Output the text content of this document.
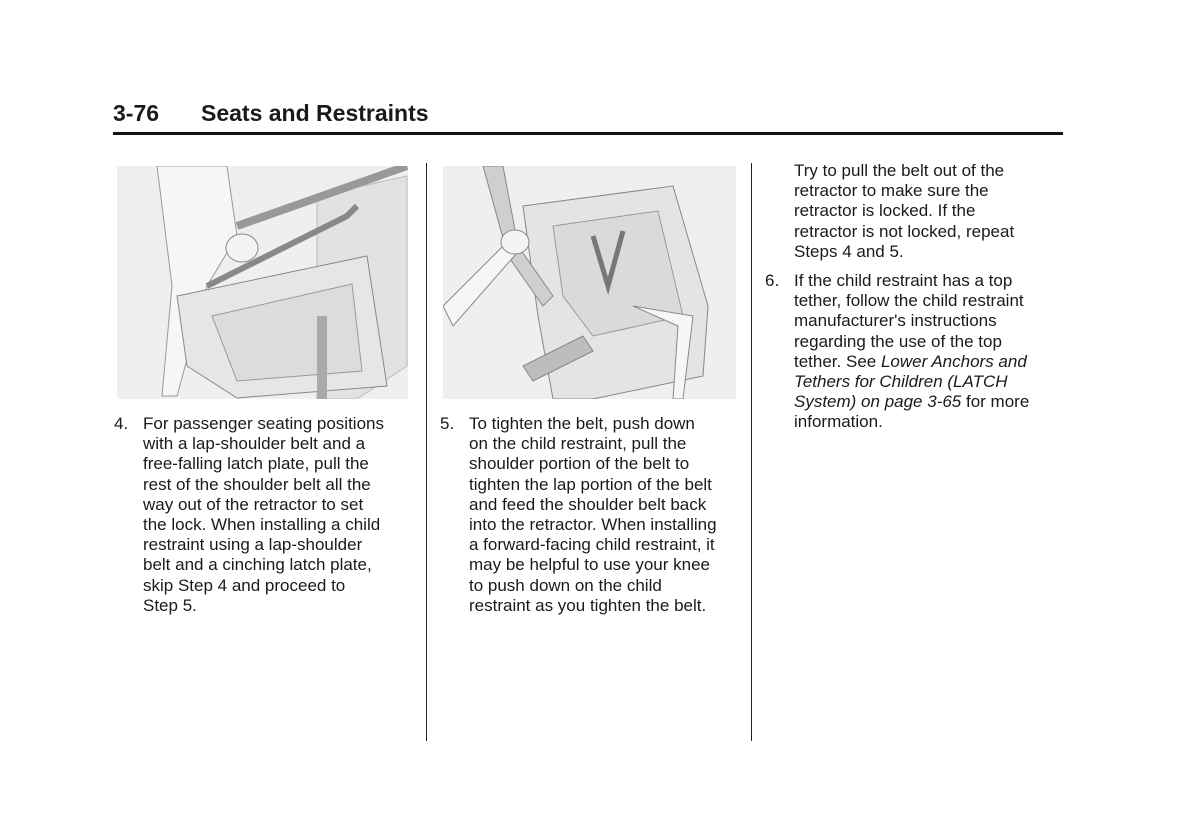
3-76 Seats and Restraints
4. For passenger seating positions
with a lap-shoulder belt and a
free-falling latch plate, pull the
rest of the shoulder belt all the
way out of the retractor to set
the lock. When installing a child
restraint using a lap-shoulder
belt and a cinching latch plate,
skip Step 4 and proceed to
Step 5.
5. To tighten the belt, push down
on the child restraint, pull the
shoulder portion of the belt to
tighten the lap portion of the belt
and feed the shoulder belt back
into the retractor. When installing
a forward-facing child restraint, it
may be helpful to use your knee
to push down on the child
restraint as you tighten the belt.
Try to pull the belt out of the
retractor to make sure the
retractor is locked. If the
retractor is not locked, repeat
Steps 4 and 5.
6. If the child restraint has a top
tether, follow the child restraint
manufacturer's instructions
regarding the use of the top
tether. See Lower Anchors and
Tethers for Children (LATCH
System) on page 3-65 for more
information.
